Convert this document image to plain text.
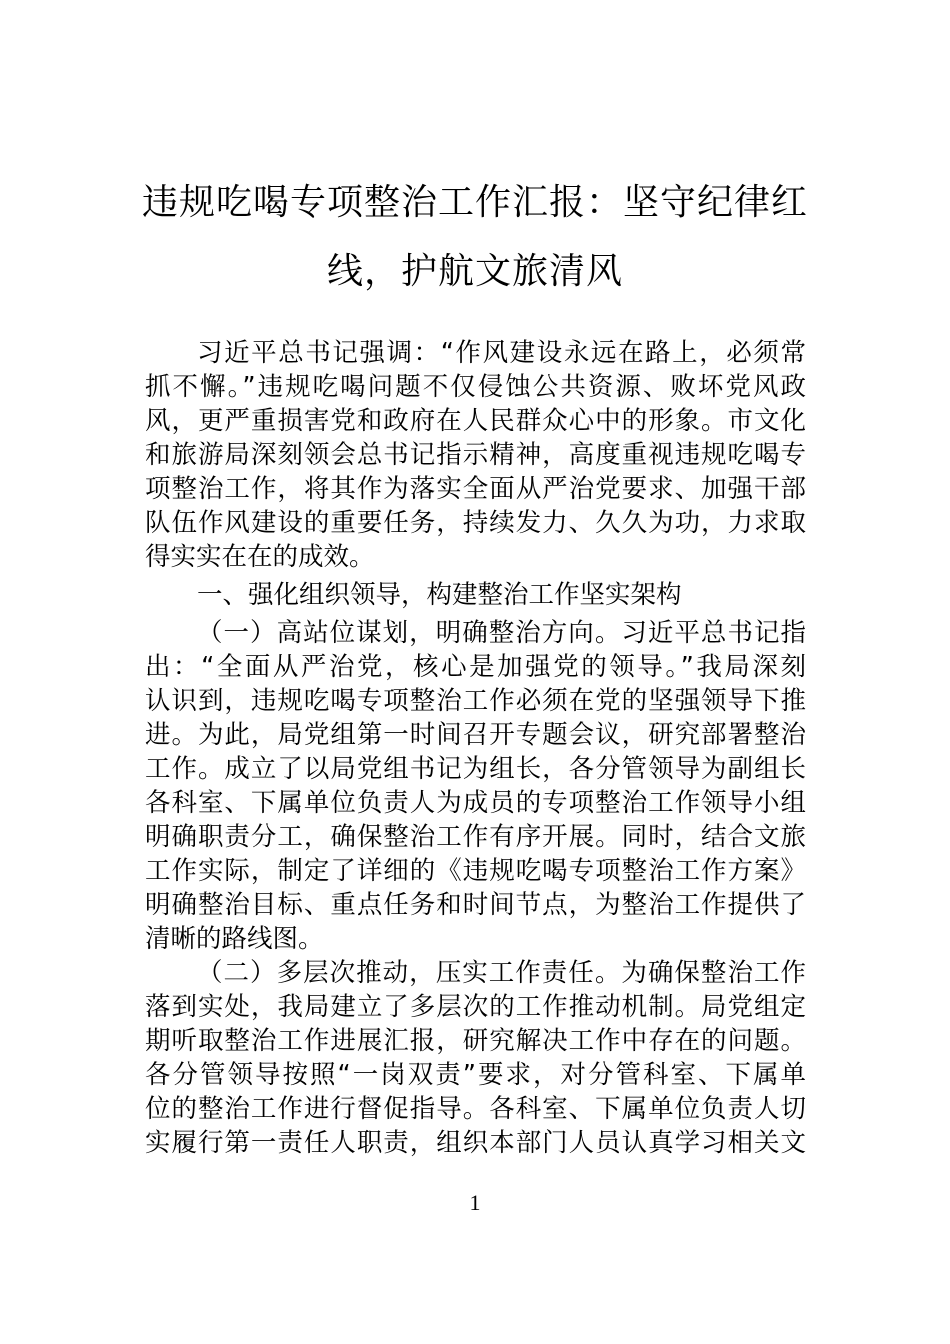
违规吃喝专项整治工作汇报：坚守纪律红
线，护航文旅清风
习近平总书记强调：“作风建设永远在路上，必须常
抓不懈。”违规吃喝问题不仅侵蚀公共资源、败坏党风政
风，更严重损害党和政府在人民群众心中的形象。市文化
和旅游局深刻领会总书记指示精神，高度重视违规吃喝专
项整治工作，将其作为落实全面从严治党要求、加强干部
队伍作风建设的重要任务，持续发力、久久为功，力求取
得实实在在的成效。
一、强化组织领导，构建整治工作坚实架构
（一）高站位谋划，明确整治方向。习近平总书记指
出：“全面从严治党，核心是加强党的领导。”我局深刻
认识到，违规吃喝专项整治工作必须在党的坚强领导下推
进。为此，局党组第一时间召开专题会议，研究部署整治
工作。成立了以局党组书记为组长，各分管领导为副组长
各科室、下属单位负责人为成员的专项整治工作领导小组
明确职责分工，确保整治工作有序开展。同时，结合文旅
工作实际，制定了详细的《违规吃喝专项整治工作方案》
明确整治目标、重点任务和时间节点，为整治工作提供了
清晰的路线图。
（二）多层次推动，压实工作责任。为确保整治工作
落到实处，我局建立了多层次的工作推动机制。局党组定
期听取整治工作进展汇报，研究解决工作中存在的问题。
各分管领导按照“一岗双责”要求，对分管科室、下属单
位的整治工作进行督促指导。各科室、下属单位负责人切
实履行第一责任人职责，组织本部门人员认真学习相关文
1
